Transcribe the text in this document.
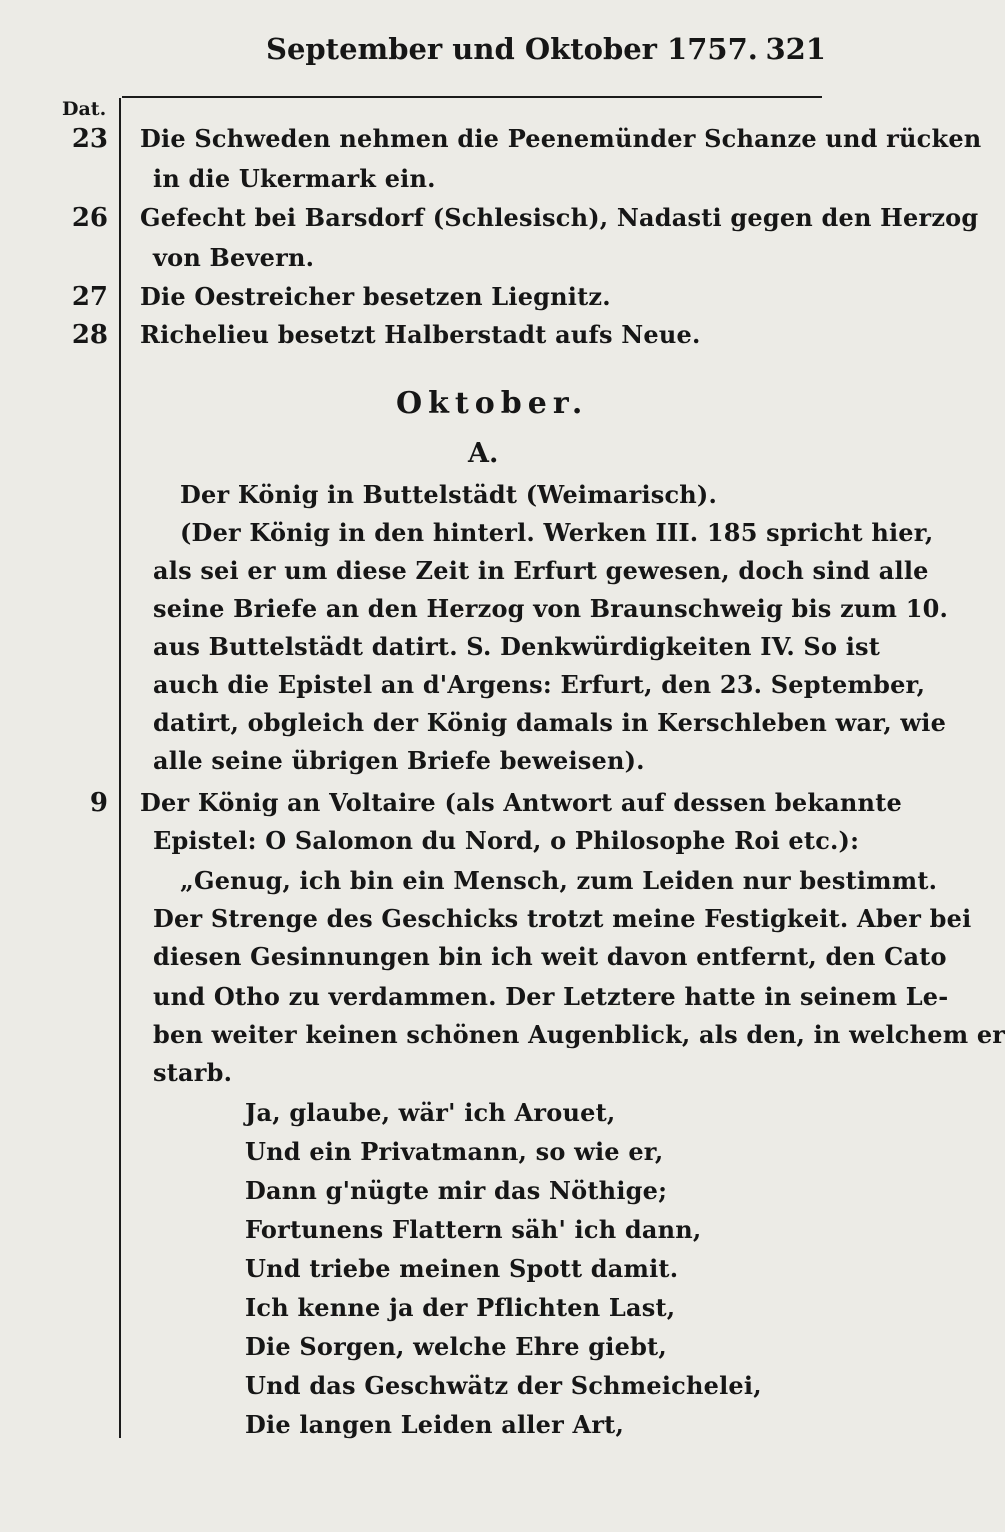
September und Oktober 1757. 321
Dat.
23 Die Schweden nehmen die Peenemünder Schanze und rücken
in die Ukermark ein.
26 Gefecht bei Barsdorf (Schlesisch), Nadasti gegen den Herzog
von Bevern.
27 Die Oestreicher besetzen Liegnitz.
28 Richelieu besetzt Halberstadt aufs Neue.
Oktober.
A.
Der König in Buttelstädt (Weimarisch).
(Der König in den hinterl. Werken III. 185 spricht hier,
als sei er um diese Zeit in Erfurt gewesen, doch sind alle
seine Briefe an den Herzog von Braunschweig bis zum 10.
aus Buttelstädt datirt. S. Denkwürdigkeiten IV. So ist
auch die Epistel an d'Argens: Erfurt, den 23. September,
datirt, obgleich der König damals in Kerschleben war, wie
alle seine übrigen Briefe beweisen).
9 Der König an Voltaire (als Antwort auf dessen bekannte
Epistel: O Salomon du Nord, o Philosophe Roi etc.):
„Genug, ich bin ein Mensch, zum Leiden nur bestimmt.
Der Strenge des Geschicks trotzt meine Festigkeit. Aber bei
diesen Gesinnungen bin ich weit davon entfernt, den Cato
und Otho zu verdammen. Der Letztere hatte in seinem Le-
ben weiter keinen schönen Augenblick, als den, in welchem er
starb.
Ja, glaube, wär' ich Arouet,
Und ein Privatmann, so wie er,
Dann g'nügte mir das Nöthige;
Fortunens Flattern säh' ich dann,
Und triebe meinen Spott damit.
Ich kenne ja der Pflichten Last,
Die Sorgen, welche Ehre giebt,
Und das Geschwätz der Schmeichelei,
Die langen Leiden aller Art,
